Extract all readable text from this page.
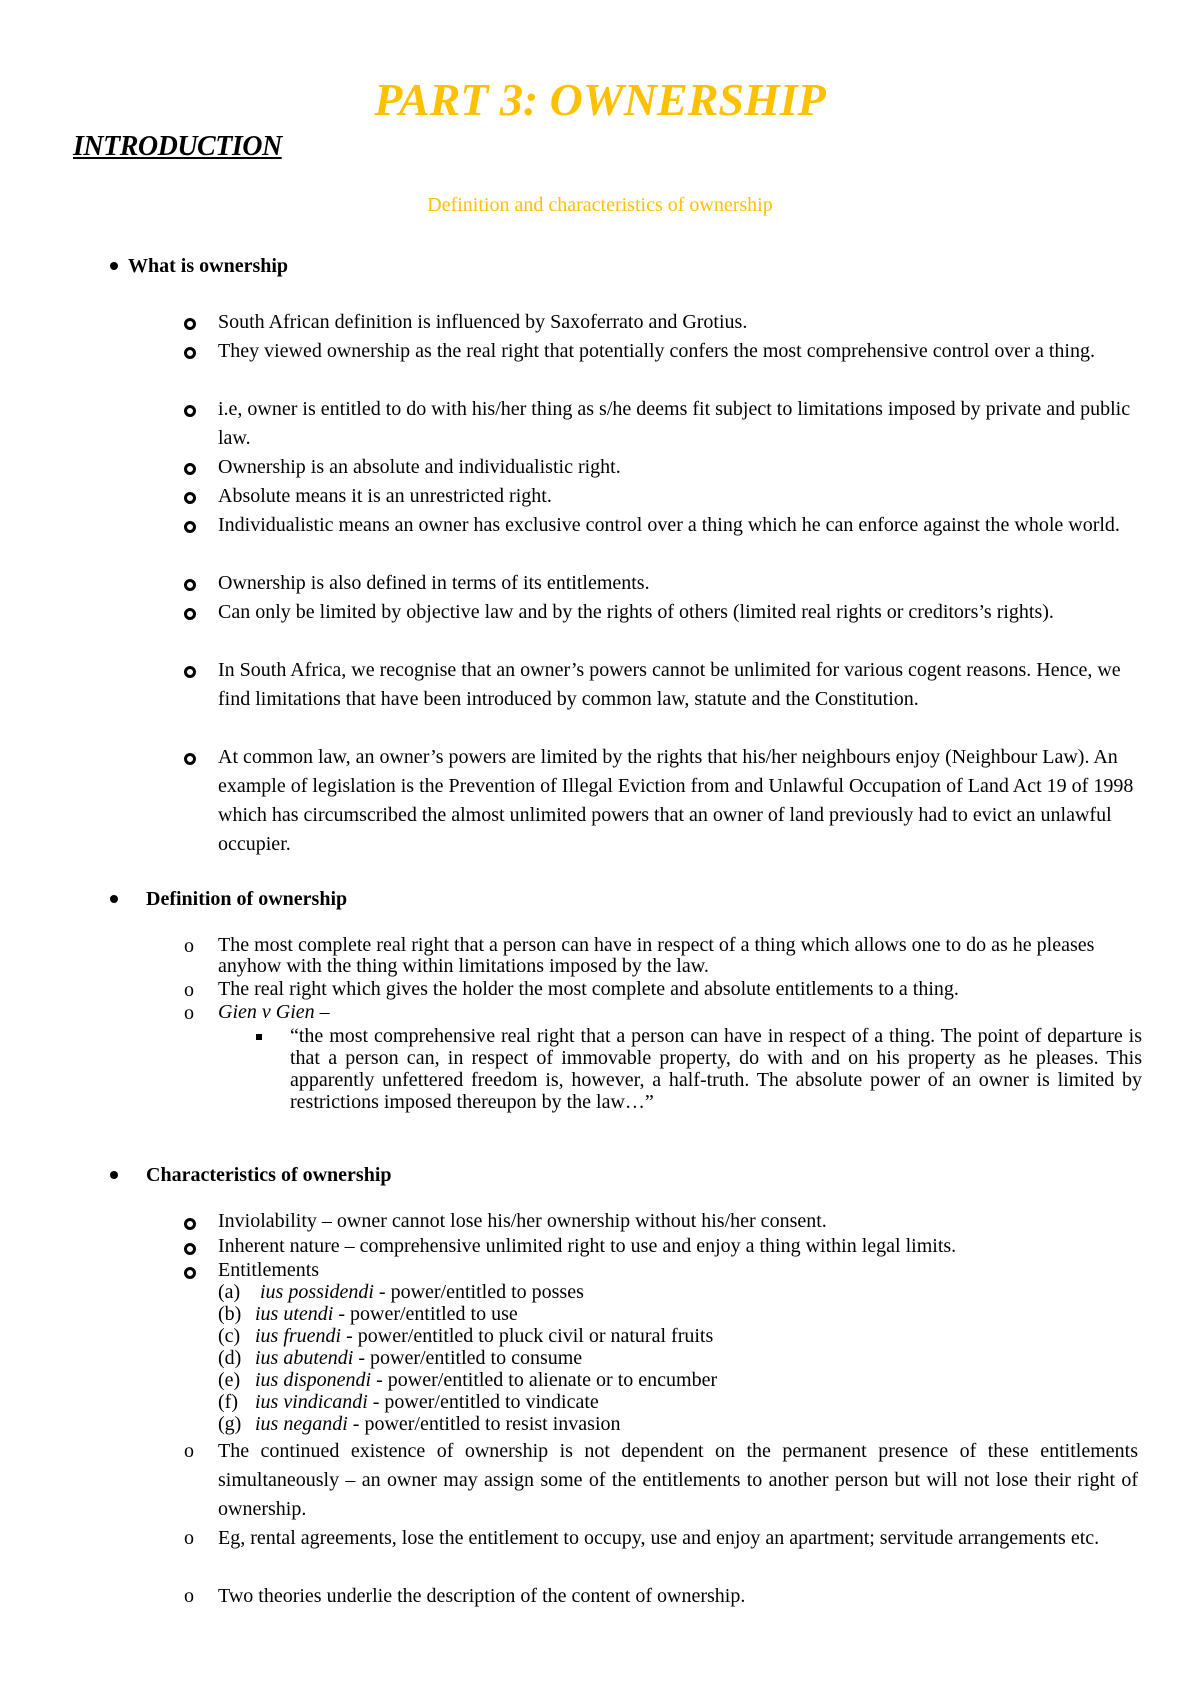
PART 3: OWNERSHIP
INTRODUCTION
Definition and characteristics of ownership
What is ownership
South African definition is influenced by Saxoferrato and Grotius.
They viewed ownership as the real right that potentially confers the most comprehensive control over a thing.
i.e, owner is entitled to do with his/her thing as s/he deems fit subject to limitations imposed by private and public law.
Ownership is an absolute and individualistic right.
Absolute means it is an unrestricted right.
Individualistic means an owner has exclusive control over a thing which he can enforce against the whole world.
Ownership is also defined in terms of its entitlements.
Can only be limited by objective law and by the rights of others (limited real rights or creditors’s rights).
In South Africa, we recognise that an owner’s powers cannot be unlimited for various cogent reasons. Hence, we find limitations that have been introduced by common law, statute and the Constitution.
At common law, an owner’s powers are limited by the rights that his/her neighbours enjoy (Neighbour Law). An example of legislation is the Prevention of Illegal Eviction from and Unlawful Occupation of Land Act 19 of 1998 which has circumscribed the almost unlimited powers that an owner of land previously had to evict an unlawful occupier.
Definition of ownership
o The most complete real right that a person can have in respect of a thing which allows one to do as he pleases anyhow with the thing within limitations imposed by the law.
o The real right which gives the holder the most complete and absolute entitlements to a thing.
o Gien v Gien –
“the most comprehensive real right that a person can have in respect of a thing. The point of departure is that a person can, in respect of immovable property, do with and on his property as he pleases. This apparently unfettered freedom is, however, a half-truth. The absolute power of an owner is limited by restrictions imposed thereupon by the law…”
Characteristics of ownership
Inviolability – owner cannot lose his/her ownership without his/her consent.
Inherent nature – comprehensive unlimited right to use and enjoy a thing within legal limits.
Entitlements
(a) ius possidendi - power/entitled to posses
(b) ius utendi - power/entitled to use
(c) ius fruendi - power/entitled to pluck civil or natural fruits
(d) ius abutendi - power/entitled to consume
(e) ius disponendi - power/entitled to alienate or to encumber
(f) ius vindicandi - power/entitled to vindicate
(g) ius negandi - power/entitled to resist invasion
o The continued existence of ownership is not dependent on the permanent presence of these entitlements simultaneously – an owner may assign some of the entitlements to another person but will not lose their right of ownership.
o Eg, rental agreements, lose the entitlement to occupy, use and enjoy an apartment; servitude arrangements etc.
o Two theories underlie the description of the content of ownership.
